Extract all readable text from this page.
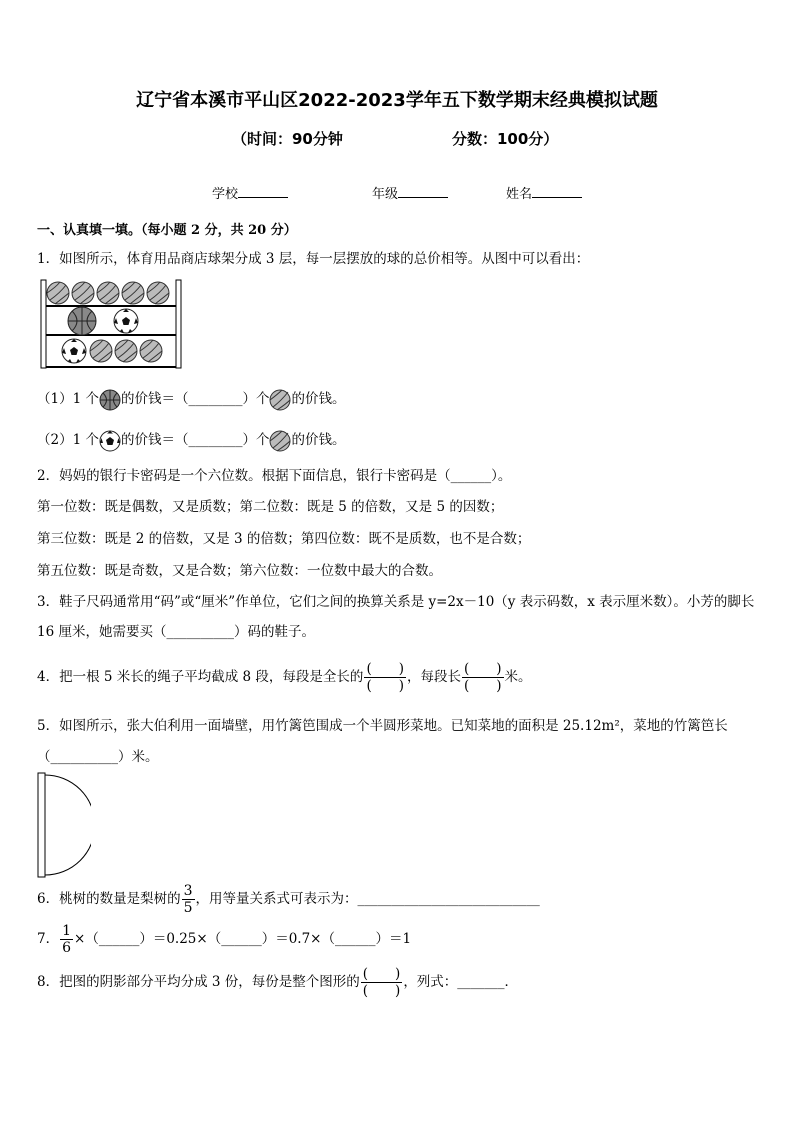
辽宁省本溪市平山区2022-2023学年五下数学期末经典模拟试题
（时间：90分钟	分数：100分）
学校	年级	姓名
一、认真填一填。（每小题 2 分，共 20 分）
1．如图所示，体育用品商店球架分成 3 层，每一层摆放的球的总价相等。从图中可以看出：
（1）1 个 的价钱＝（________）个 的价钱。
（2）1 个 的价钱＝（________）个 的价钱。
2．妈妈的银行卡密码是一个六位数。根据下面信息，银行卡密码是（______）。
第一位数：既是偶数，又是质数；第二位数：既是 5 的倍数，又是 5 的因数；
第三位数：既是 2 的倍数，又是 3 的倍数；第四位数：既不是质数，也不是合数；
第五位数：既是奇数，又是合数；第六位数：一位数中最大的合数。
3．鞋子尺码通常用“码”或“厘米”作单位，它们之间的换算关系是 y=2x－10（y 表示码数，x 表示厘米数）。小芳的脚长
16 厘米，她需要买（__________）码的鞋子。
4．把一根 5 米长的绳子平均截成 8 段，每段是全长的 $\frac{( )}{( )}$ ，每段长 $\frac{( )}{( )}$ 米。
5．如图所示，张大伯利用一面墙壁，用竹篱笆围成一个半圆形菜地。已知菜地的面积是 25.12m²，菜地的竹篱笆长
（__________）米。
6．桃树的数量是梨树的 $\frac{3}{5}$ ，用等量关系式可表示为：___________________________
7． $\frac{1}{6}$ ×（______）＝0.25×（______）＝0.7×（______）＝1
8．把图的阴影部分平均分成 3 份，每份是整个图形的 $\frac{( )}{( )}$ ，列式：_______．
